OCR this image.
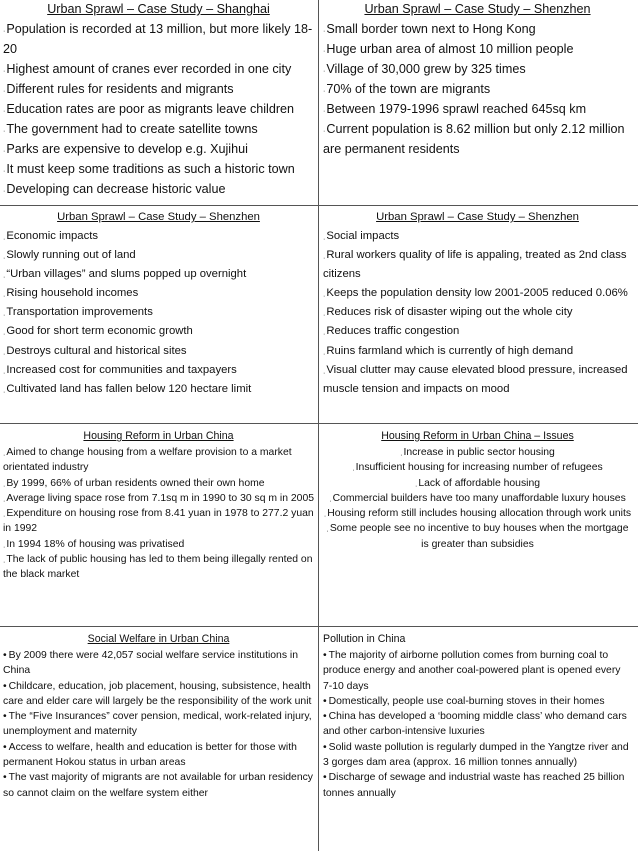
Urban Sprawl – Case Study – Shanghai
·Population is recorded at 13 million, but more likely 18-20
·Highest amount of cranes ever recorded in one city
·Different rules for residents and migrants
·Education rates are poor as migrants leave children
·The government had to create satellite towns
·Parks are expensive to develop e.g. Xujihui
·It must keep some traditions as such a historic town
·Developing can decrease historic value
Urban Sprawl – Case Study – Shenzhen
·Small border town next to Hong Kong
·Huge urban area of almost 10 million people
·Village of 30,000 grew by 325 times
·70% of the town are migrants
·Between 1979-1996 sprawl reached 645sq km
·Current population is 8.62 million but only 2.12 million are permanent residents
Urban Sprawl – Case Study – Shenzhen
·Economic impacts
·Slowly running out of land
·“Urban villages” and slums popped up overnight
·Rising household incomes
·Transportation improvements
·Good for short term economic growth
·Destroys cultural and historical sites
·Increased cost for communities and taxpayers
·Cultivated land has fallen below 120 hectare limit
Urban Sprawl – Case Study – Shenzhen
·Social impacts
·Rural workers quality of life is appaling, treated as 2nd class citizens
·Keeps the population density low 2001-2005 reduced 0.06%
·Reduces risk of disaster wiping out the whole city
·Reduces traffic congestion
·Ruins farmland which is currently of high demand
·Visual clutter may cause elevated blood pressure, increased muscle tension and impacts on mood
Housing Reform in Urban China
·Aimed to change housing from a welfare provision to a market orientated industry
·By 1999, 66% of urban residents owned their own home
·Average living space rose from 7.1sq m in 1990 to 30 sq m in 2005
·Expenditure on housing rose from 8.41 yuan in 1978 to 277.2 yuan in 1992
·In 1994 18% of housing was privatised
·The lack of public housing has led to them being illegally rented on the black market
Housing Reform in Urban China – Issues
·Increase in public sector housing
·Insufficient housing for increasing number of refugees
·Lack of affordable housing
·Commercial builders have too many unaffordable luxury houses
·Housing reform still includes housing allocation through work units
·Some people see no incentive to buy houses when the mortgage is greater than subsidies
Social Welfare in Urban China
• By 2009 there were 42,057 social welfare service institutions in China
• Childcare, education, job placement, housing, subsistence, health care and elder care will largely be the responsibility of the work unit
• The “Five Insurances” cover pension, medical, work-related injury, unemployment and maternity
• Access to welfare, health and education is better for those with permanent Hokou status in urban areas
• The vast majority of migrants are not available for urban residency so cannot claim on the welfare system either
Pollution in China
• The majority of airborne pollution comes from burning coal to produce energy and another coal-powered plant is opened every 7-10 days
• Domestically, people use coal-burning stoves in their homes
• China has developed a ‘booming middle class’ who demand cars and other carbon-intensive luxuries
• Solid waste pollution is regularly dumped in the Yangtze river and 3 gorges dam area (approx. 16 million tonnes annually)
• Discharge of sewage and industrial waste has reached 25 billion tonnes annually
